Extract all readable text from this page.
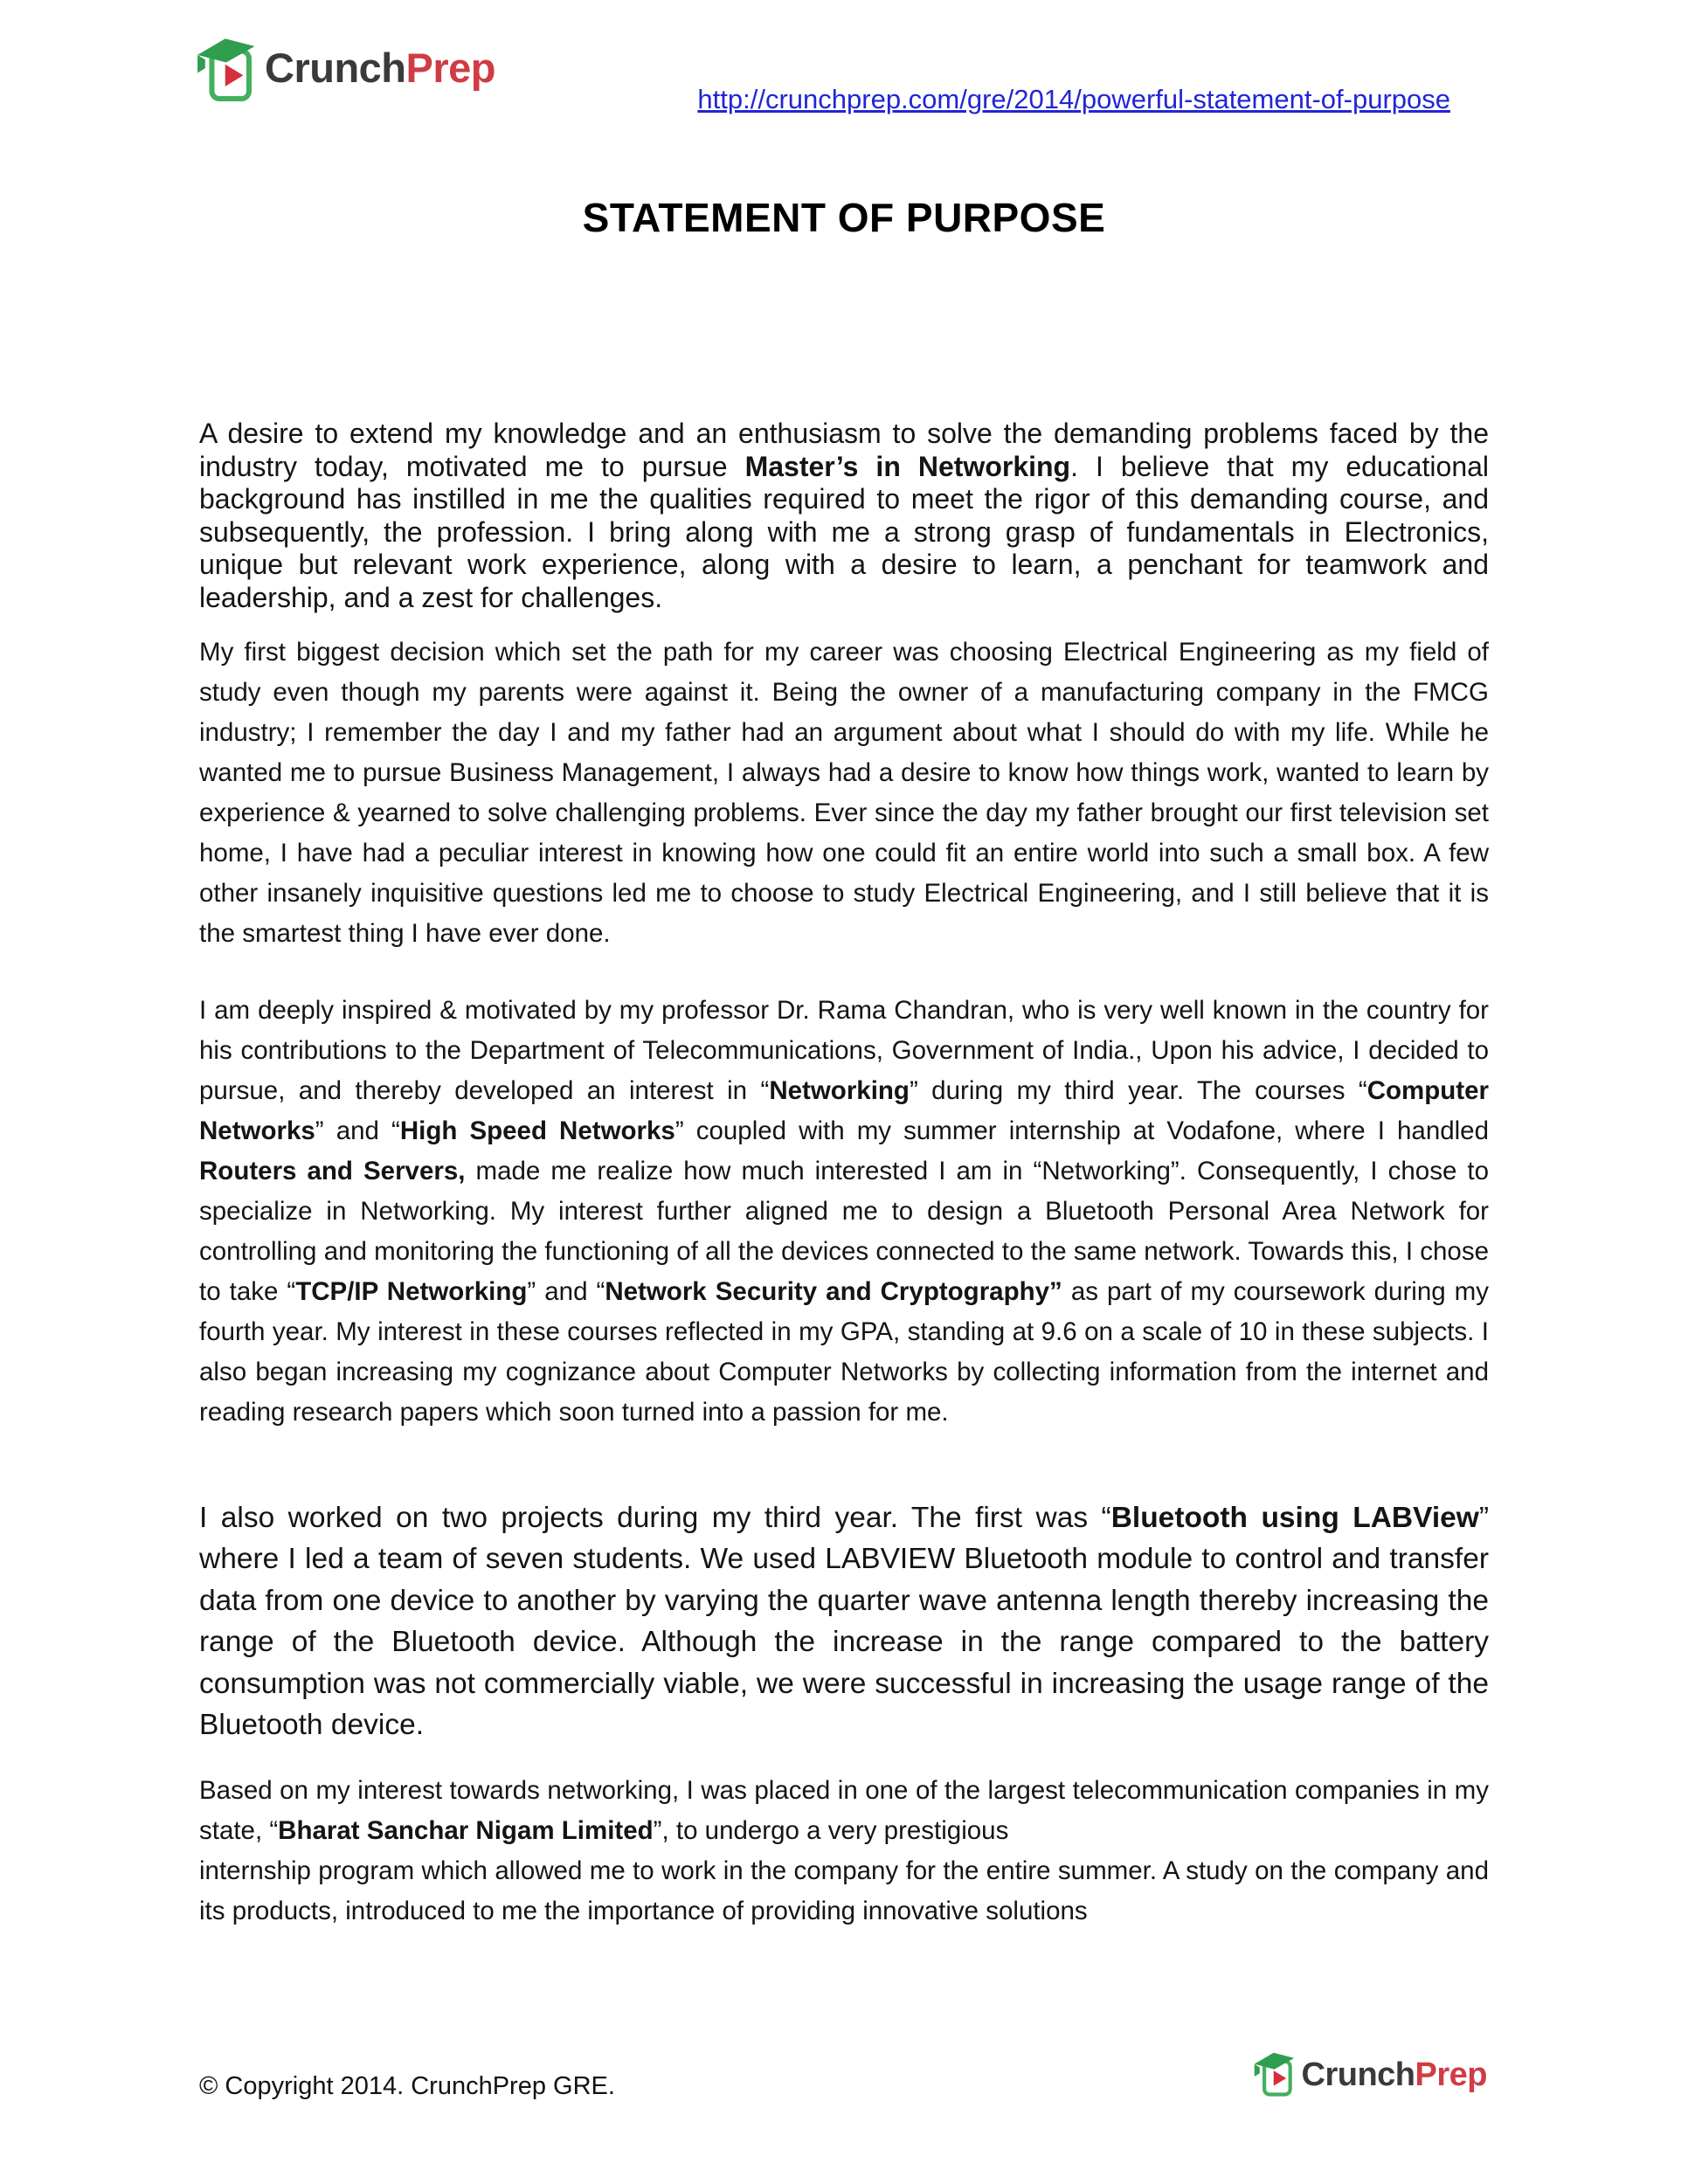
CrunchPrep
http://crunchprep.com/gre/2014/powerful-statement-of-purpose
STATEMENT OF PURPOSE

A desire to extend my knowledge and an enthusiasm to solve the demanding problems faced by the industry today, motivated me to pursue Master’s in Networking. I believe that my educational background has instilled in me the qualities required to meet the rigor of this demanding course, and subsequently, the profession. I bring along with me a strong grasp of fundamentals in Electronics, unique but relevant work experience, along with a desire to learn, a penchant for teamwork and leadership, and a zest for challenges.

My first biggest decision which set the path for my career was choosing Electrical Engineering as my field of study even though my parents were against it. Being the owner of a manufacturing company in the FMCG industry; I remember the day I and my father had an argument about what I should do with my life. While he wanted me to pursue Business Management, I always had a desire to know how things work, wanted to learn by experience & yearned to solve challenging problems. Ever since the day my father brought our first television set home, I have had a peculiar interest in knowing how one could fit an entire world into such a small box. A few other insanely inquisitive questions led me to choose to study Electrical Engineering, and I still believe that it is the smartest thing I have ever done.

I am deeply inspired & motivated by my professor Dr. Rama Chandran, who is very well known in the country for his contributions to the Department of Telecommunications, Government of India., Upon his advice, I decided to pursue, and thereby developed an interest in “Networking” during my third year. The courses “Computer Networks” and “High Speed Networks” coupled with my summer internship at Vodafone, where I handled Routers and Servers, made me realize how much interested I am in “Networking”. Consequently, I chose to specialize in Networking. My interest further aligned me to design a Bluetooth Personal Area Network for controlling and monitoring the functioning of all the devices connected to the same network. Towards this, I chose to take “TCP/IP Networking” and “Network Security and Cryptography” as part of my coursework during my fourth year. My interest in these courses reflected in my GPA, standing at 9.6 on a scale of 10 in these subjects. I also began increasing my cognizance about Computer Networks by collecting information from the internet and reading research papers which soon turned into a passion for me.

I also worked on two projects during my third year. The first was “Bluetooth using LABView” where I led a team of seven students. We used LABVIEW Bluetooth module to control and transfer data from one device to another by varying the quarter wave antenna length thereby increasing the range of the Bluetooth device. Although the increase in the range compared to the battery consumption was not commercially viable, we were successful in increasing the usage range of the Bluetooth device.

Based on my interest towards networking, I was placed in one of the largest telecommunication companies in my state, “Bharat Sanchar Nigam Limited”, to undergo a very prestigious
internship program which allowed me to work in the company for the entire summer. A study on the company and its products, introduced to me the importance of providing innovative solutions

© Copyright 2014. CrunchPrep GRE.	CrunchPrep
